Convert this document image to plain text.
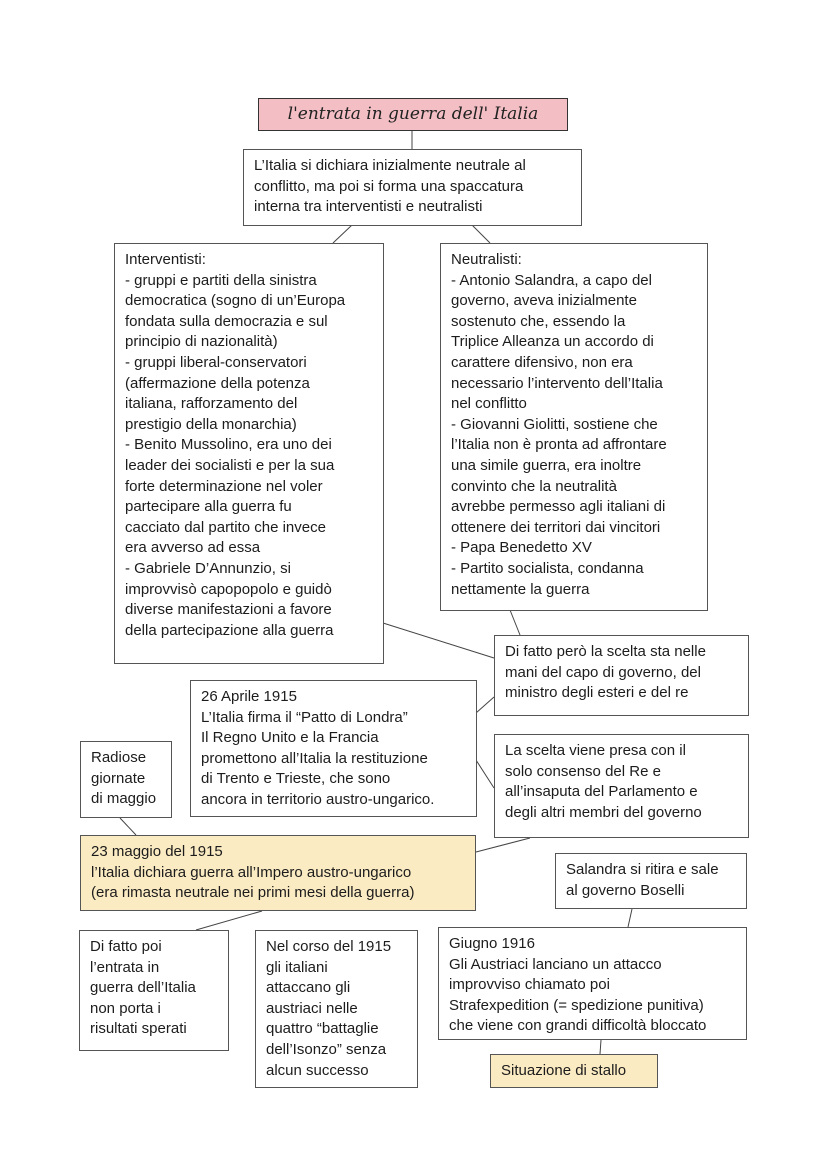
l'entrata in guerra dell' Italia
L’Italia si dichiara inizialmente neutrale al
conflitto, ma poi si forma una spaccatura
interna tra interventisti e neutralisti
Interventisti:
- gruppi e partiti della sinistra
democratica (sogno di un’Europa
fondata sulla democrazia e sul
principio di nazionalità)
- gruppi liberal-conservatori
(affermazione della potenza
italiana, rafforzamento del
prestigio della monarchia)
- Benito Mussolino, era uno dei
leader dei socialisti e per la sua
forte determinazione nel voler
partecipare alla guerra fu
cacciato dal partito che invece
era avverso ad essa
- Gabriele D’Annunzio, si
improvvisò capopopolo e guidò
diverse manifestazioni a favore
della partecipazione alla guerra
Neutralisti:
- Antonio Salandra, a capo del
governo, aveva inizialmente
sostenuto che, essendo la
Triplice Alleanza un accordo di
carattere difensivo, non era
necessario l’intervento dell’Italia
nel conflitto
- Giovanni Giolitti, sostiene che
l’Italia non è pronta ad affrontare
una simile guerra, era inoltre
convinto che la neutralità
avrebbe permesso agli italiani di
ottenere dei territori dai vincitori
- Papa Benedetto XV
- Partito socialista, condanna
nettamente la guerra
Di fatto però la scelta sta nelle
mani del capo di governo, del
ministro degli esteri e del re
26 Aprile 1915
L’Italia firma il “Patto di Londra”
Il Regno Unito e la Francia
promettono all’Italia la restituzione
di Trento e Trieste, che sono
ancora in territorio austro-ungarico.
Radiose
giornate
di maggio
La scelta viene presa con il
solo consenso del Re e
all’insaputa del Parlamento e
degli altri membri del governo
23 maggio del 1915
l’Italia dichiara guerra all’Impero austro-ungarico
(era rimasta neutrale nei primi mesi della guerra)
Salandra si ritira e sale
al governo Boselli
Di fatto poi
l’entrata in
guerra dell’Italia
non porta i
risultati sperati
Nel corso del 1915
gli italiani
attaccano gli
austriaci nelle
quattro “battaglie
dell’Isonzo” senza
alcun successo
Giugno 1916
Gli Austriaci lanciano un attacco
improvviso chiamato poi
Strafexpedition (= spedizione punitiva)
che viene con grandi difficoltà bloccato
Situazione di stallo
